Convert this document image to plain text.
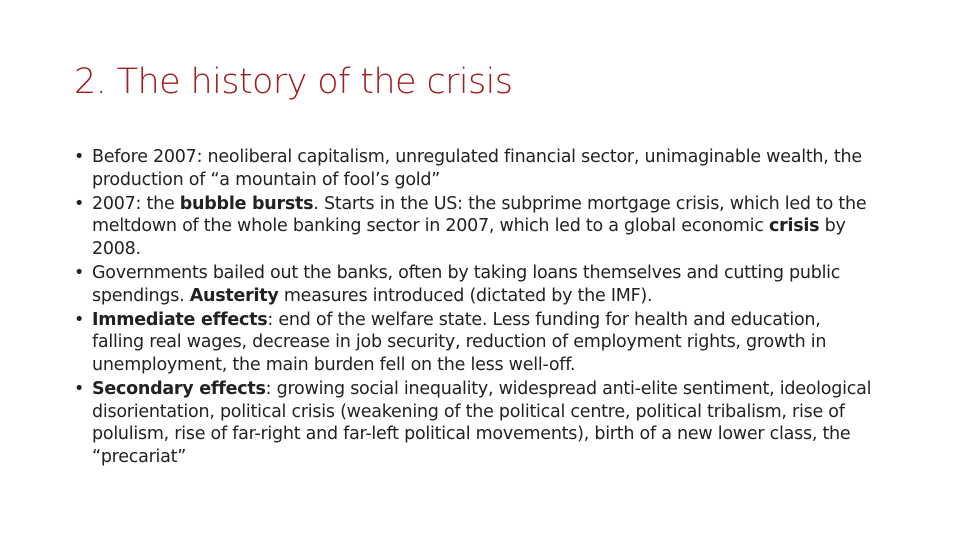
2. The history of the crisis
• Before 2007: neoliberal capitalism, unregulated financial sector, unimaginable wealth, the production of “a mountain of fool’s gold”
• 2007: the bubble bursts. Starts in the US: the subprime mortgage crisis, which led to the meltdown of the whole banking sector in 2007, which led to a global economic crisis by 2008.
• Governments bailed out the banks, often by taking loans themselves and cutting public spendings. Austerity measures introduced (dictated by the IMF).
• Immediate effects: end of the welfare state. Less funding for health and education, falling real wages, decrease in job security, reduction of employment rights, growth in unemployment, the main burden fell on the less well-off.
• Secondary effects: growing social inequality, widespread anti-elite sentiment, ideological disorientation, political crisis (weakening of the political centre, political tribalism, rise of polulism, rise of far-right and far-left political movements), birth of a new lower class, the “precariat”
